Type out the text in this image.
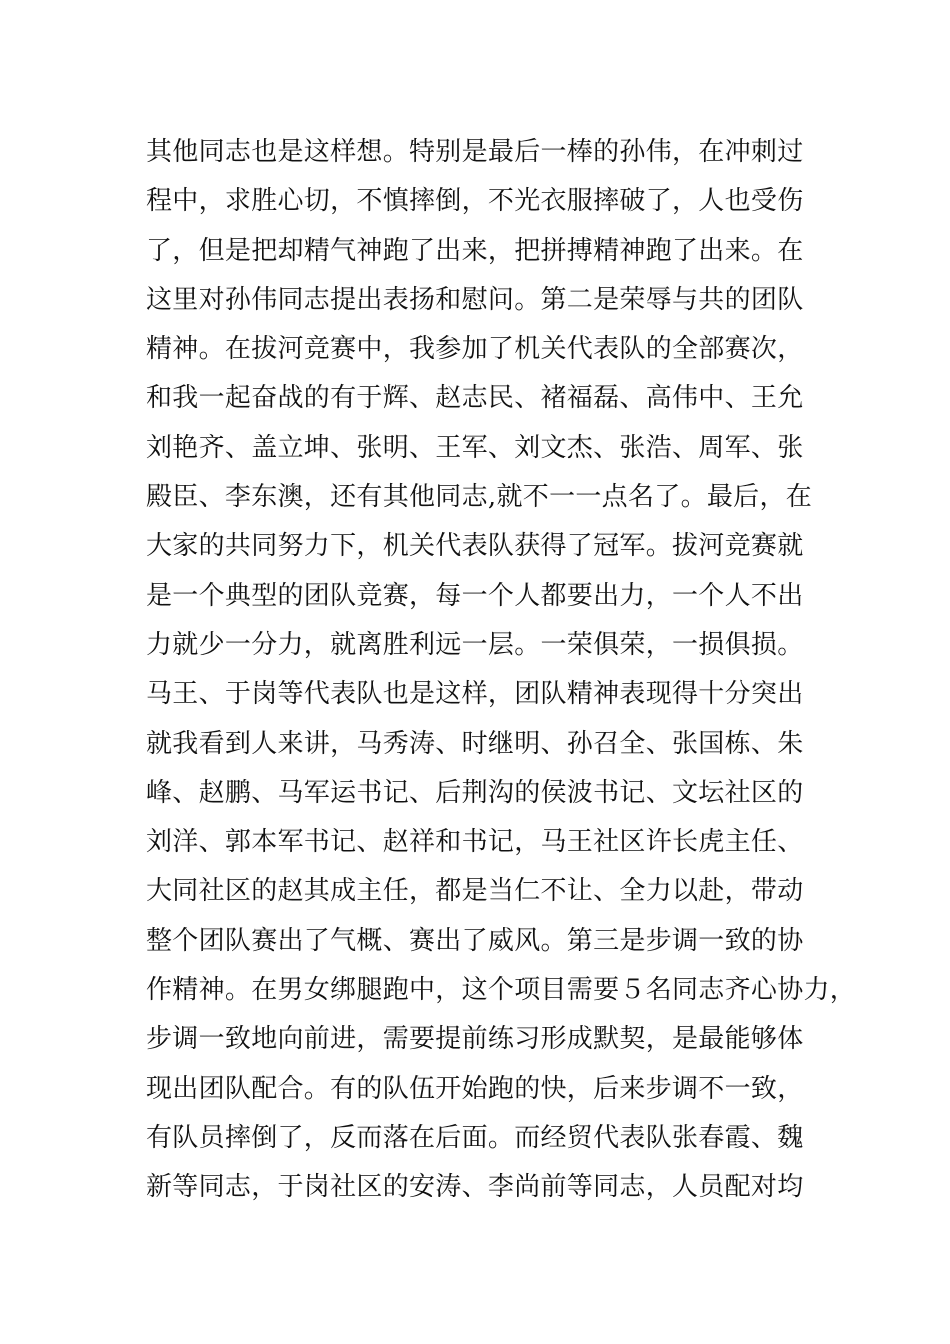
其他同志也是这样想。特别是最后一棒的孙伟，在冲刺过
程中，求胜心切，不慎摔倒，不光衣服摔破了，人也受伤
了，但是把却精气神跑了出来，把拼搏精神跑了出来。在
这里对孙伟同志提出表扬和慰问。第二是荣辱与共的团队
精神。在拔河竞赛中，我参加了机关代表队的全部赛次，
和我一起奋战的有于辉、赵志民、褚福磊、高伟中、王允
刘艳齐、盖立坤、张明、王军、刘文杰、张浩、周军、张
殿臣、李东澳，还有其他同志,就不一一点名了。最后，在
大家的共同努力下，机关代表队获得了冠军。拔河竞赛就
是一个典型的团队竞赛，每一个人都要出力，一个人不出
力就少一分力，就离胜利远一层。一荣俱荣，一损俱损。
马王、于岗等代表队也是这样，团队精神表现得十分突出
就我看到人来讲，马秀涛、时继明、孙召全、张国栋、朱
峰、赵鹏、马军运书记、后荆沟的侯波书记、文坛社区的
刘洋、郭本军书记、赵祥和书记，马王社区许长虎主任、
大同社区的赵其成主任，都是当仁不让、全力以赴，带动
整个团队赛出了气概、赛出了威风。第三是步调一致的协
作精神。在男女绑腿跑中，这个项目需要５名同志齐心协力，
步调一致地向前进，需要提前练习形成默契，是最能够体
现出团队配合。有的队伍开始跑的快，后来步调不一致，
有队员摔倒了，反而落在后面。而经贸代表队张春霞、魏
新等同志，于岗社区的安涛、李尚前等同志，人员配对均
